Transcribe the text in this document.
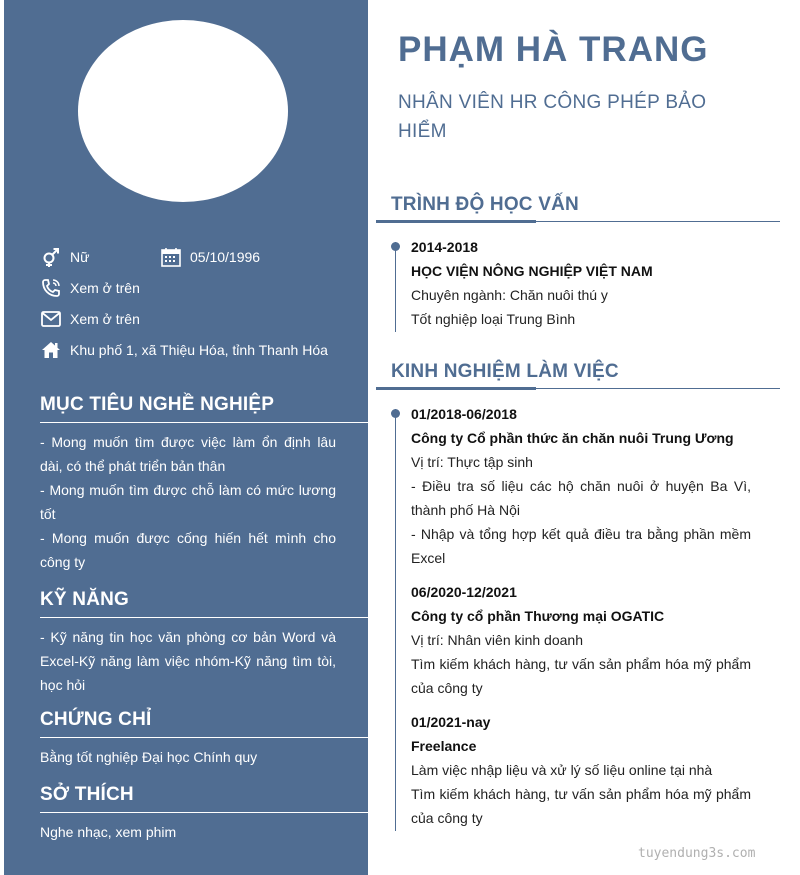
Nữ	05/10/1996
Xem ở trên
Xem ở trên
Khu phố 1, xã Thiệu Hóa, tỉnh Thanh Hóa
MỤC TIÊU NGHỀ NGHIỆP
- Mong muốn tìm được việc làm ổn định lâu dài, có thể phát triển bản thân
- Mong muốn tìm được chỗ làm có mức lương tốt
- Mong muốn được cống hiến hết mình cho công ty
KỸ NĂNG
- Kỹ năng tin học văn phòng cơ bản Word và Excel-Kỹ năng làm việc nhóm-Kỹ năng tìm tòi, học hỏi
CHỨNG CHỈ
Bằng tốt nghiệp Đại học Chính quy
SỞ THÍCH
Nghe nhạc, xem phim
PHẠM HÀ TRANG
NHÂN VIÊN HR CÔNG PHÉP BẢO HIỂM
TRÌNH ĐỘ HỌC VẤN
2014-2018
HỌC VIỆN NÔNG NGHIỆP VIỆT NAM
Chuyên ngành: Chăn nuôi thú y
Tốt nghiệp loại Trung Bình
KINH NGHIỆM LÀM VIỆC
01/2018-06/2018
Công ty Cổ phần thức ăn chăn nuôi Trung Ương
Vị trí: Thực tập sinh
- Điều tra số liệu các hộ chăn nuôi ở huyện Ba Vì, thành phố Hà Nội
- Nhập và tổng hợp kết quả điều tra bằng phần mềm Excel
06/2020-12/2021
Công ty cổ phần Thương mại OGATIC
Vị trí: Nhân viên kinh doanh
Tìm kiếm khách hàng, tư vấn sản phẩm hóa mỹ phẩm của công ty
01/2021-nay
Freelance
Làm việc nhập liệu và xử lý số liệu online tại nhà
Tìm kiếm khách hàng, tư vấn sản phẩm hóa mỹ phẩm của công ty
tuyendung3s.com
